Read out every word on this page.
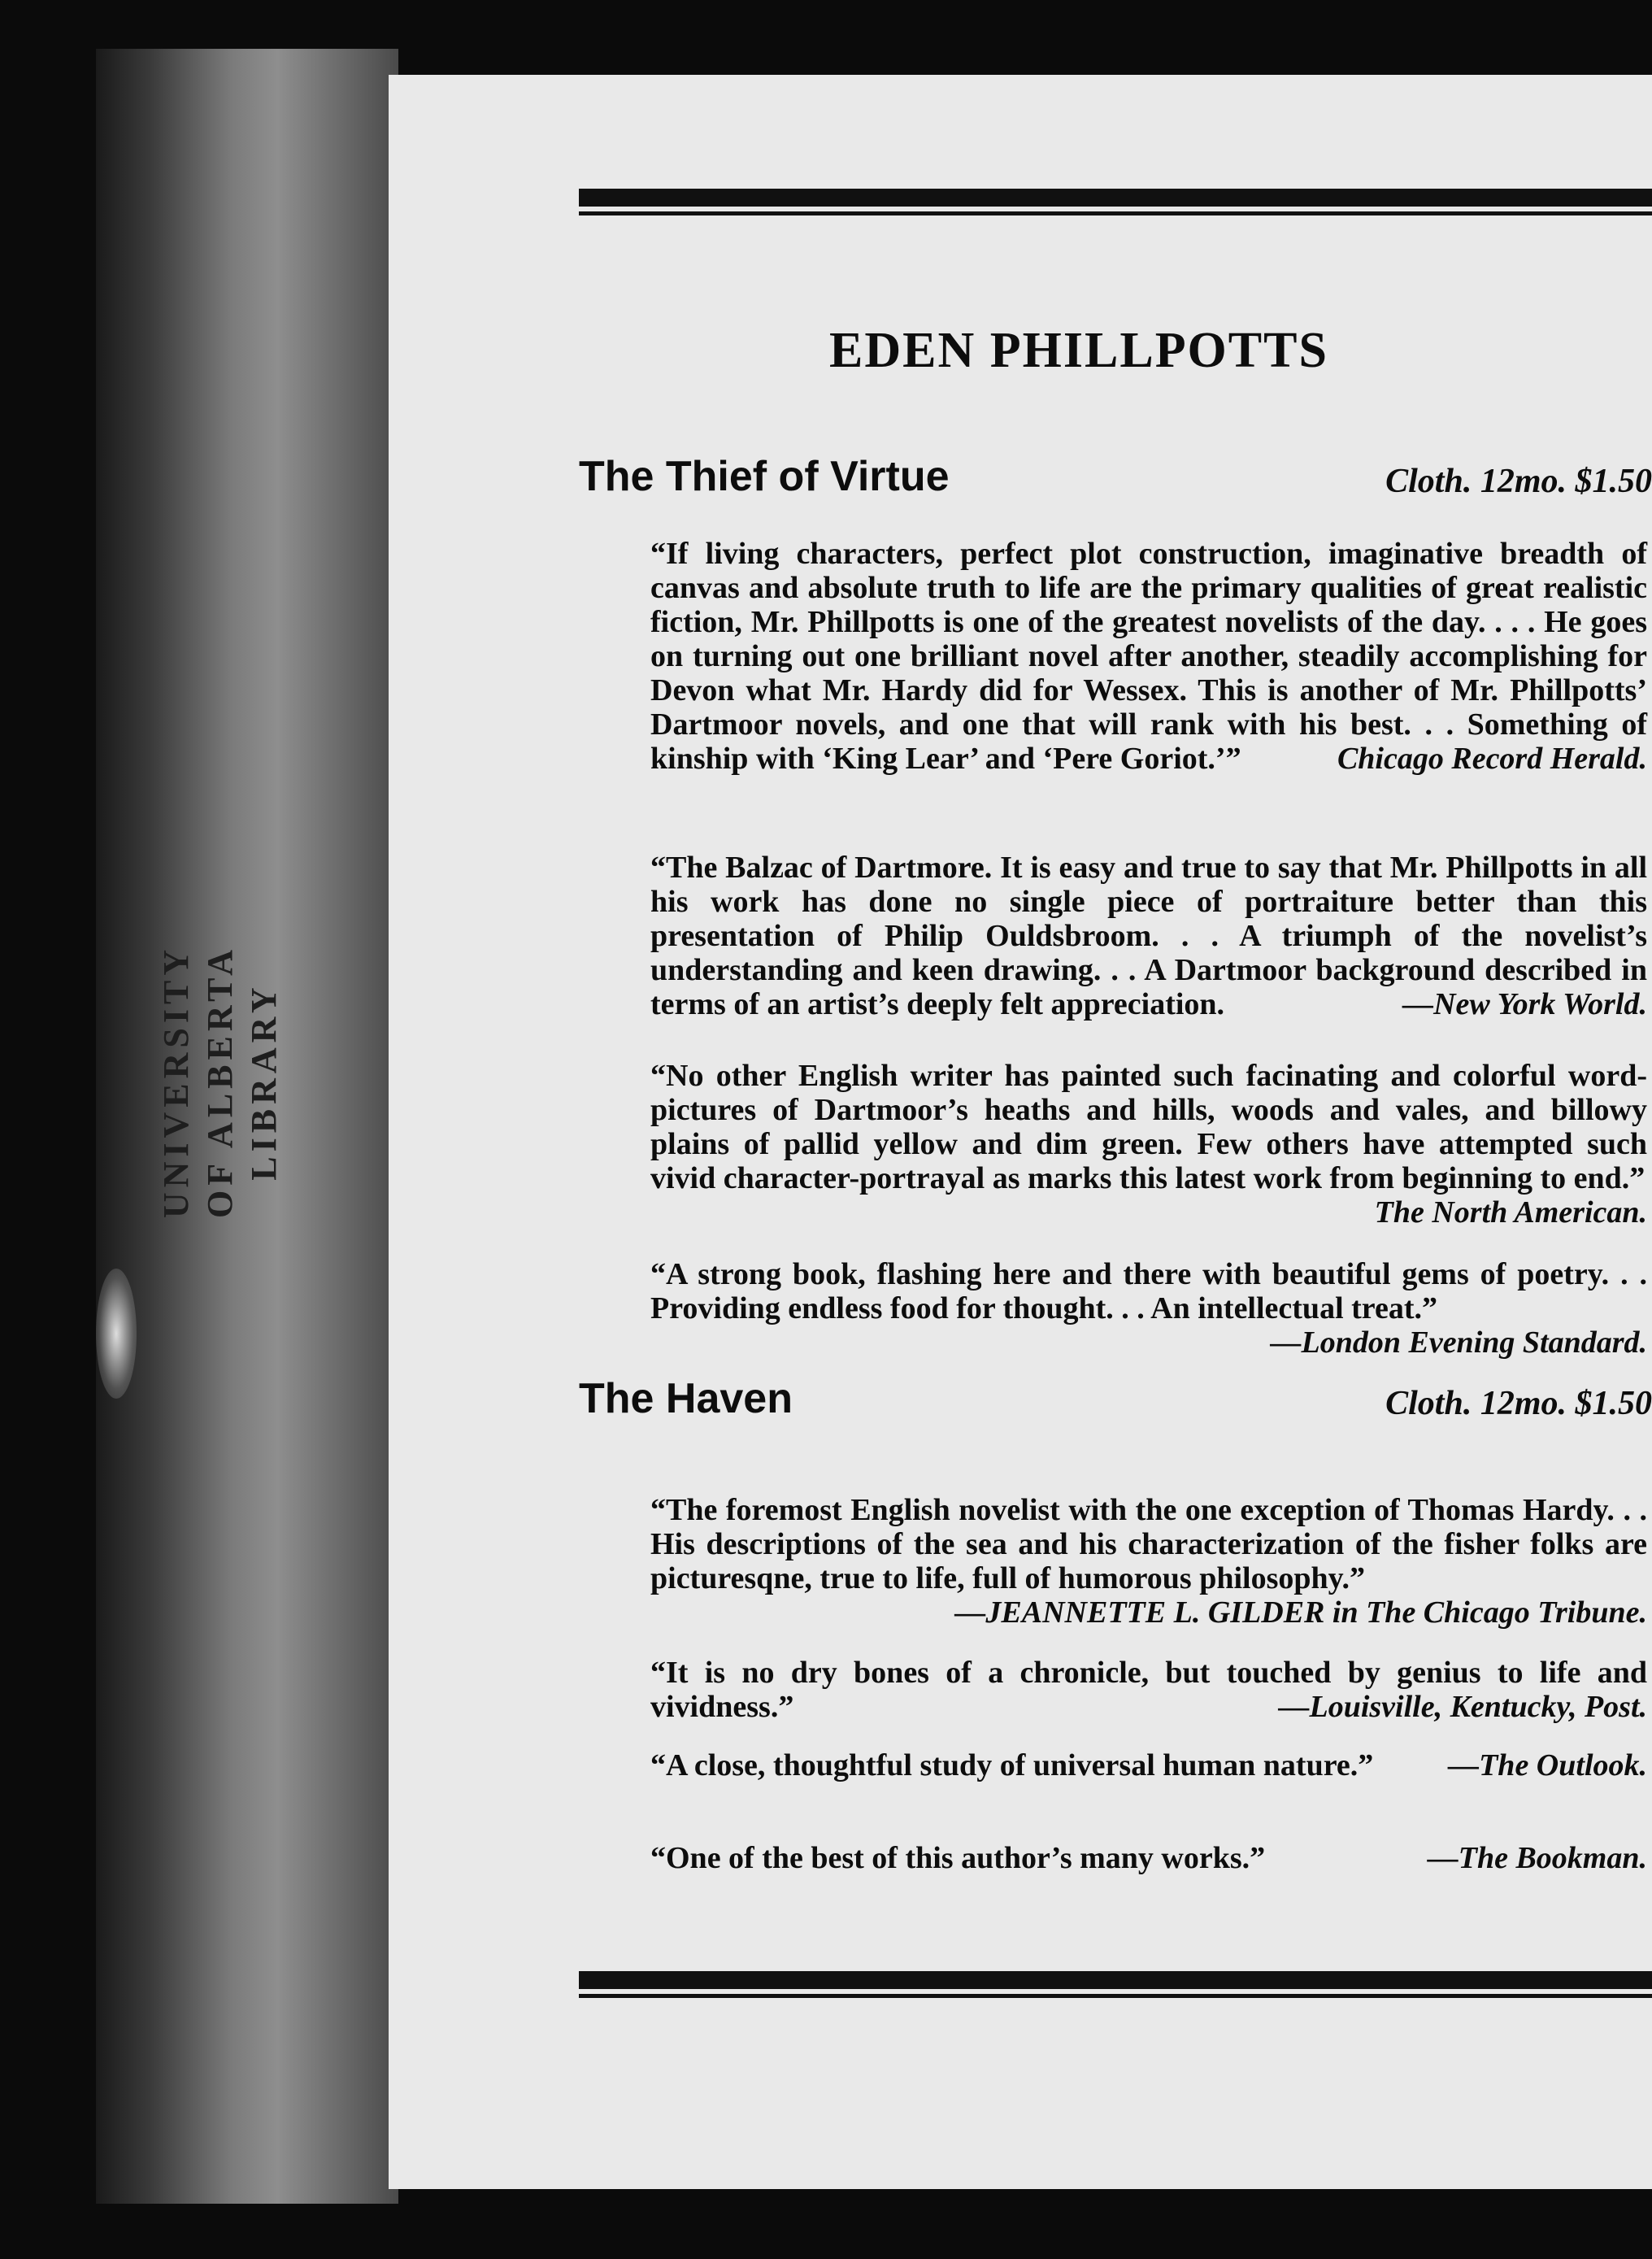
UNIVERSITY OF ALBERTA LIBRARY
EDEN PHILLPOTTS
The Thief of Virtue	Cloth. 12mo. $1.50
“If living characters, perfect plot construction, imaginative breadth of canvas and absolute truth to life are the primary qualities of great realistic fiction, Mr. Phillpotts is one of the greatest novelists of the day. . . . He goes on turning out one brilliant novel after another, steadily accomplishing for Devon what Mr. Hardy did for Wessex. This is another of Mr. Phillpotts’ Dartmoor novels, and one that will rank with his best. . . Something of kinship with ‘King Lear’ and ‘Pere Goriot.’”	Chicago Record Herald.
“The Balzac of Dartmore. It is easy and true to say that Mr. Phillpotts in all his work has done no single piece of portraiture better than this presentation of Philip Ouldsbroom. . . A triumph of the novelist’s understanding and keen drawing. . . A Dartmoor background described in terms of an artist’s deeply felt appreciation.	—New York World.
“No other English writer has painted such facinating and colorful word-pictures of Dartmoor’s heaths and hills, woods and vales, and billowy plains of pallid yellow and dim green. Few others have attempted such vivid character-portrayal as marks this latest work from beginning to end.”
The North American.
“A strong book, flashing here and there with beautiful gems of poetry. . . Providing endless food for thought. . . An intellectual treat.”
—London Evening Standard.
The Haven	Cloth. 12mo. $1.50
“The foremost English novelist with the one exception of Thomas Hardy. . . His descriptions of the sea and his characterization of the fisher folks are picturesqne, true to life, full of humorous philosophy.”
—JEANNETTE L. GILDER in The Chicago Tribune.
“It is no dry bones of a chronicle, but touched by genius to life and vividness.”	—Louisville, Kentucky, Post.
“A close, thoughtful study of universal human nature.” —The Outlook.
“One of the best of this author’s many works.”	—The Bookman.
